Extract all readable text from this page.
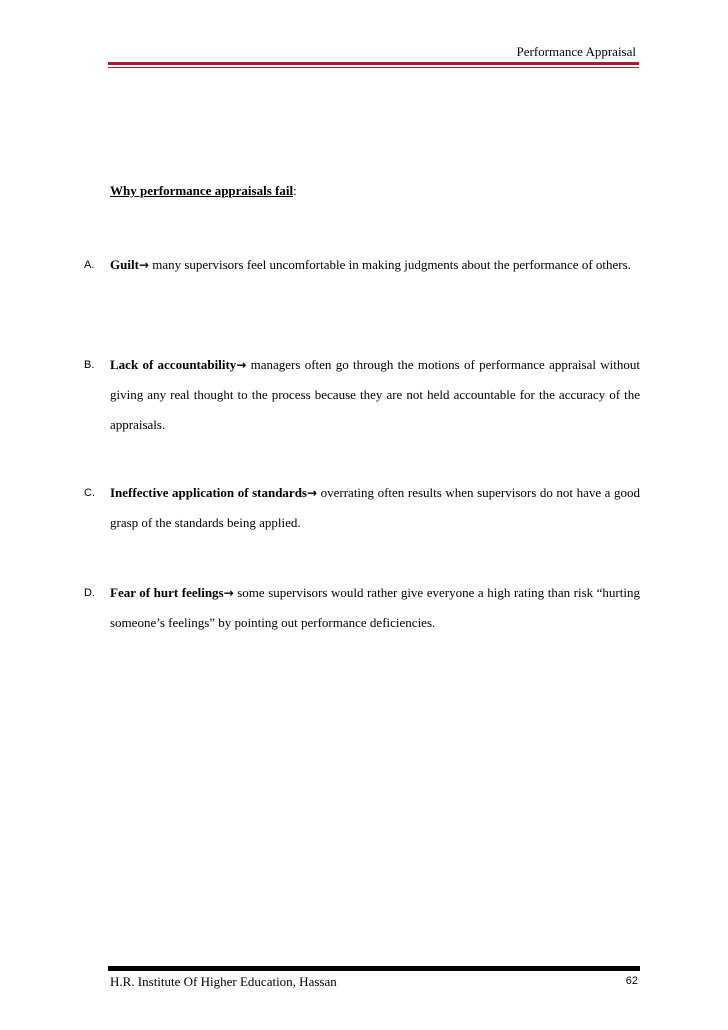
Performance Appraisal
Why performance appraisals fail:
A. Guilt→ many supervisors feel uncomfortable in making judgments about the performance of others.
B. Lack of accountability→ managers often go through the motions of performance appraisal without giving any real thought to the process because they are not held accountable for the accuracy of the appraisals.
C. Ineffective application of standards→ overrating often results when supervisors do not have a good grasp of the standards being applied.
D. Fear of hurt feelings→ some supervisors would rather give everyone a high rating than risk “hurting someone’s feelings” by pointing out performance deficiencies.
H.R. Institute Of Higher Education, Hassan	62
